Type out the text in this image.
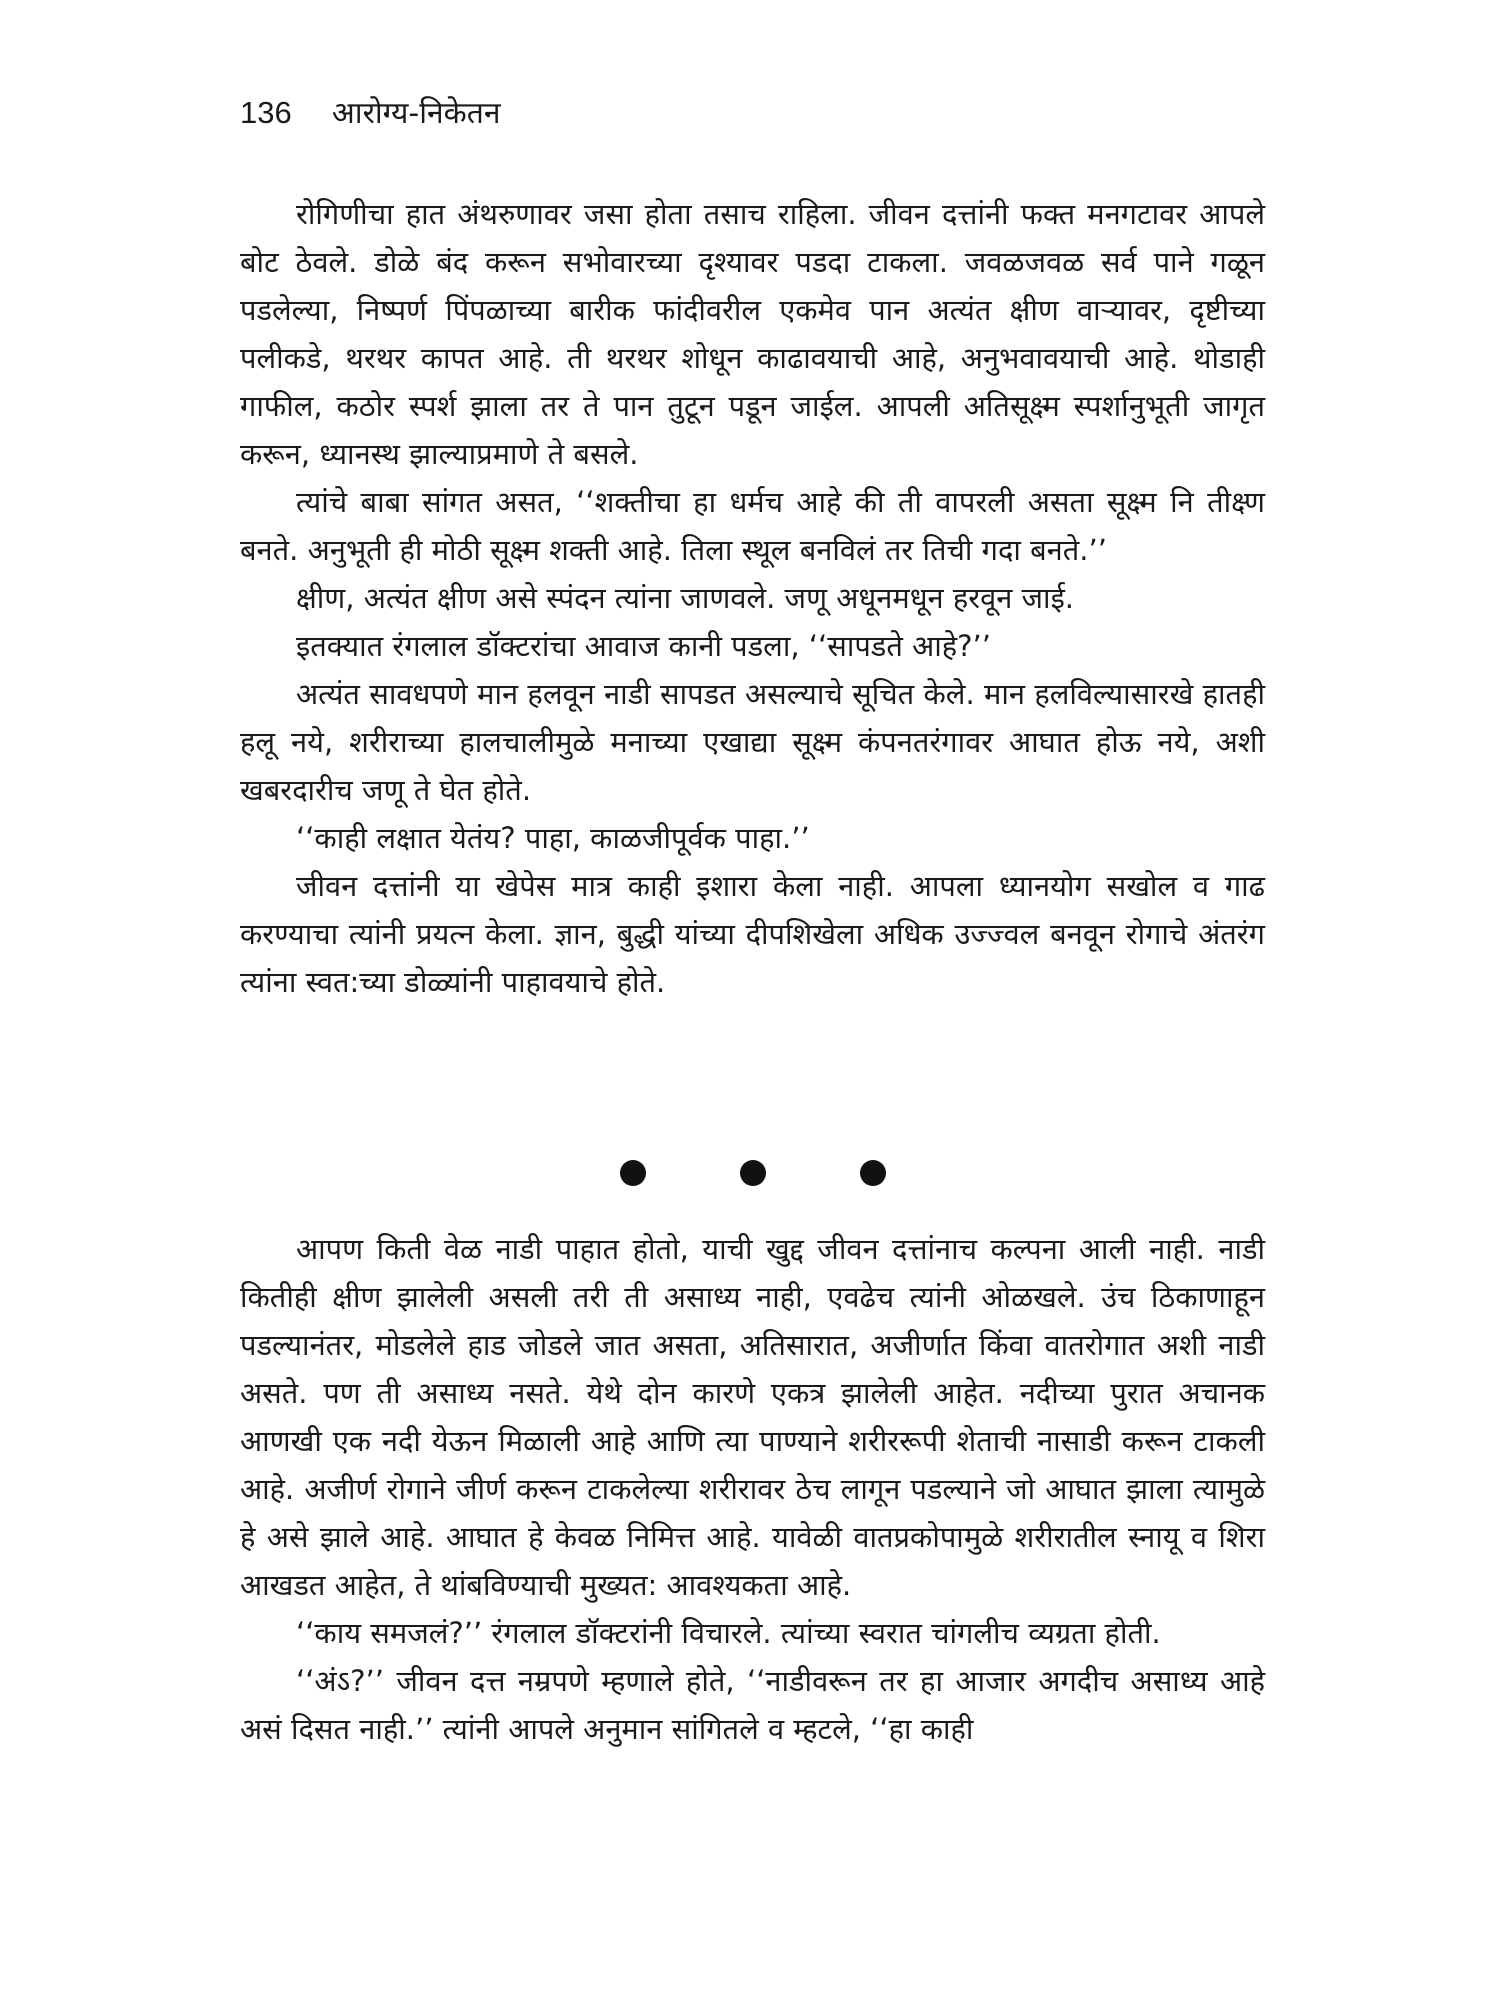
136 आरोग्य-निकेतन

रोगिणीचा हात अंथरुणावर जसा होता तसाच राहिला. जीवन दत्तांनी फक्त मनगटावर आपले बोट ठेवले. डोळे बंद करून सभोवारच्या दृश्यावर पडदा टाकला. जवळजवळ सर्व पाने गळून पडलेल्या, निष्पर्ण पिंपळाच्या बारीक फांदीवरील एकमेव पान अत्यंत क्षीण वाऱ्यावर, दृष्टीच्या पलीकडे, थरथर कापत आहे. ती थरथर शोधून काढावयाची आहे, अनुभवावयाची आहे. थोडाही गाफील, कठोर स्पर्श झाला तर ते पान तुटून पडून जाईल. आपली अतिसूक्ष्म स्पर्शानुभूती जागृत करून, ध्यानस्थ झाल्याप्रमाणे ते बसले.

त्यांचे बाबा सांगत असत, ‘‘शक्तीचा हा धर्मच आहे की ती वापरली असता सूक्ष्म नि तीक्ष्ण बनते. अनुभूती ही मोठी सूक्ष्म शक्ती आहे. तिला स्थूल बनविलं तर तिची गदा बनते.’’

क्षीण, अत्यंत क्षीण असे स्पंदन त्यांना जाणवले. जणू अधूनमधून हरवून जाई.

इतक्यात रंगलाल डॉक्टरांचा आवाज कानी पडला, ‘‘सापडते आहे?’’

अत्यंत सावधपणे मान हलवून नाडी सापडत असल्याचे सूचित केले. मान हलविल्यासारखे हातही हलू नये, शरीराच्या हालचालीमुळे मनाच्या एखाद्या सूक्ष्म कंपनतरंगावर आघात होऊ नये, अशी खबरदारीच जणू ते घेत होते.

‘‘काही लक्षात येतंय? पाहा, काळजीपूर्वक पाहा.’’

जीवन दत्तांनी या खेपेस मात्र काही इशारा केला नाही. आपला ध्यानयोग सखोल व गाढ करण्याचा त्यांनी प्रयत्न केला. ज्ञान, बुद्धी यांच्या दीपशिखेला अधिक उज्ज्वल बनवून रोगाचे अंतरंग त्यांना स्वत:च्या डोळ्यांनी पाहावयाचे होते.

आपण किती वेळ नाडी पाहात होतो, याची खुद्द जीवन दत्तांनाच कल्पना आली नाही. नाडी कितीही क्षीण झालेली असली तरी ती असाध्य नाही, एवढेच त्यांनी ओळखले. उंच ठिकाणाहून पडल्यानंतर, मोडलेले हाड जोडले जात असता, अतिसारात, अजीर्णात किंवा वातरोगात अशी नाडी असते. पण ती असाध्य नसते. येथे दोन कारणे एकत्र झालेली आहेत. नदीच्या पुरात अचानक आणखी एक नदी येऊन मिळाली आहे आणि त्या पाण्याने शरीररूपी शेताची नासाडी करून टाकली आहे. अजीर्ण रोगाने जीर्ण करून टाकलेल्या शरीरावर ठेच लागून पडल्याने जो आघात झाला त्यामुळे हे असे झाले आहे. आघात हे केवळ निमित्त आहे. यावेळी वातप्रकोपामुळे शरीरातील स्नायू व शिरा आखडत आहेत, ते थांबविण्याची मुख्यत: आवश्यकता आहे.

‘‘काय समजलं?’’ रंगलाल डॉक्टरांनी विचारले. त्यांच्या स्वरात चांगलीच व्यग्रता होती.

‘‘अंऽ?’’ जीवन दत्त नम्रपणे म्हणाले होते, ‘‘नाडीवरून तर हा आजार अगदीच असाध्य आहे असं दिसत नाही.’’ त्यांनी आपले अनुमान सांगितले व म्हटले, ‘‘हा काही
